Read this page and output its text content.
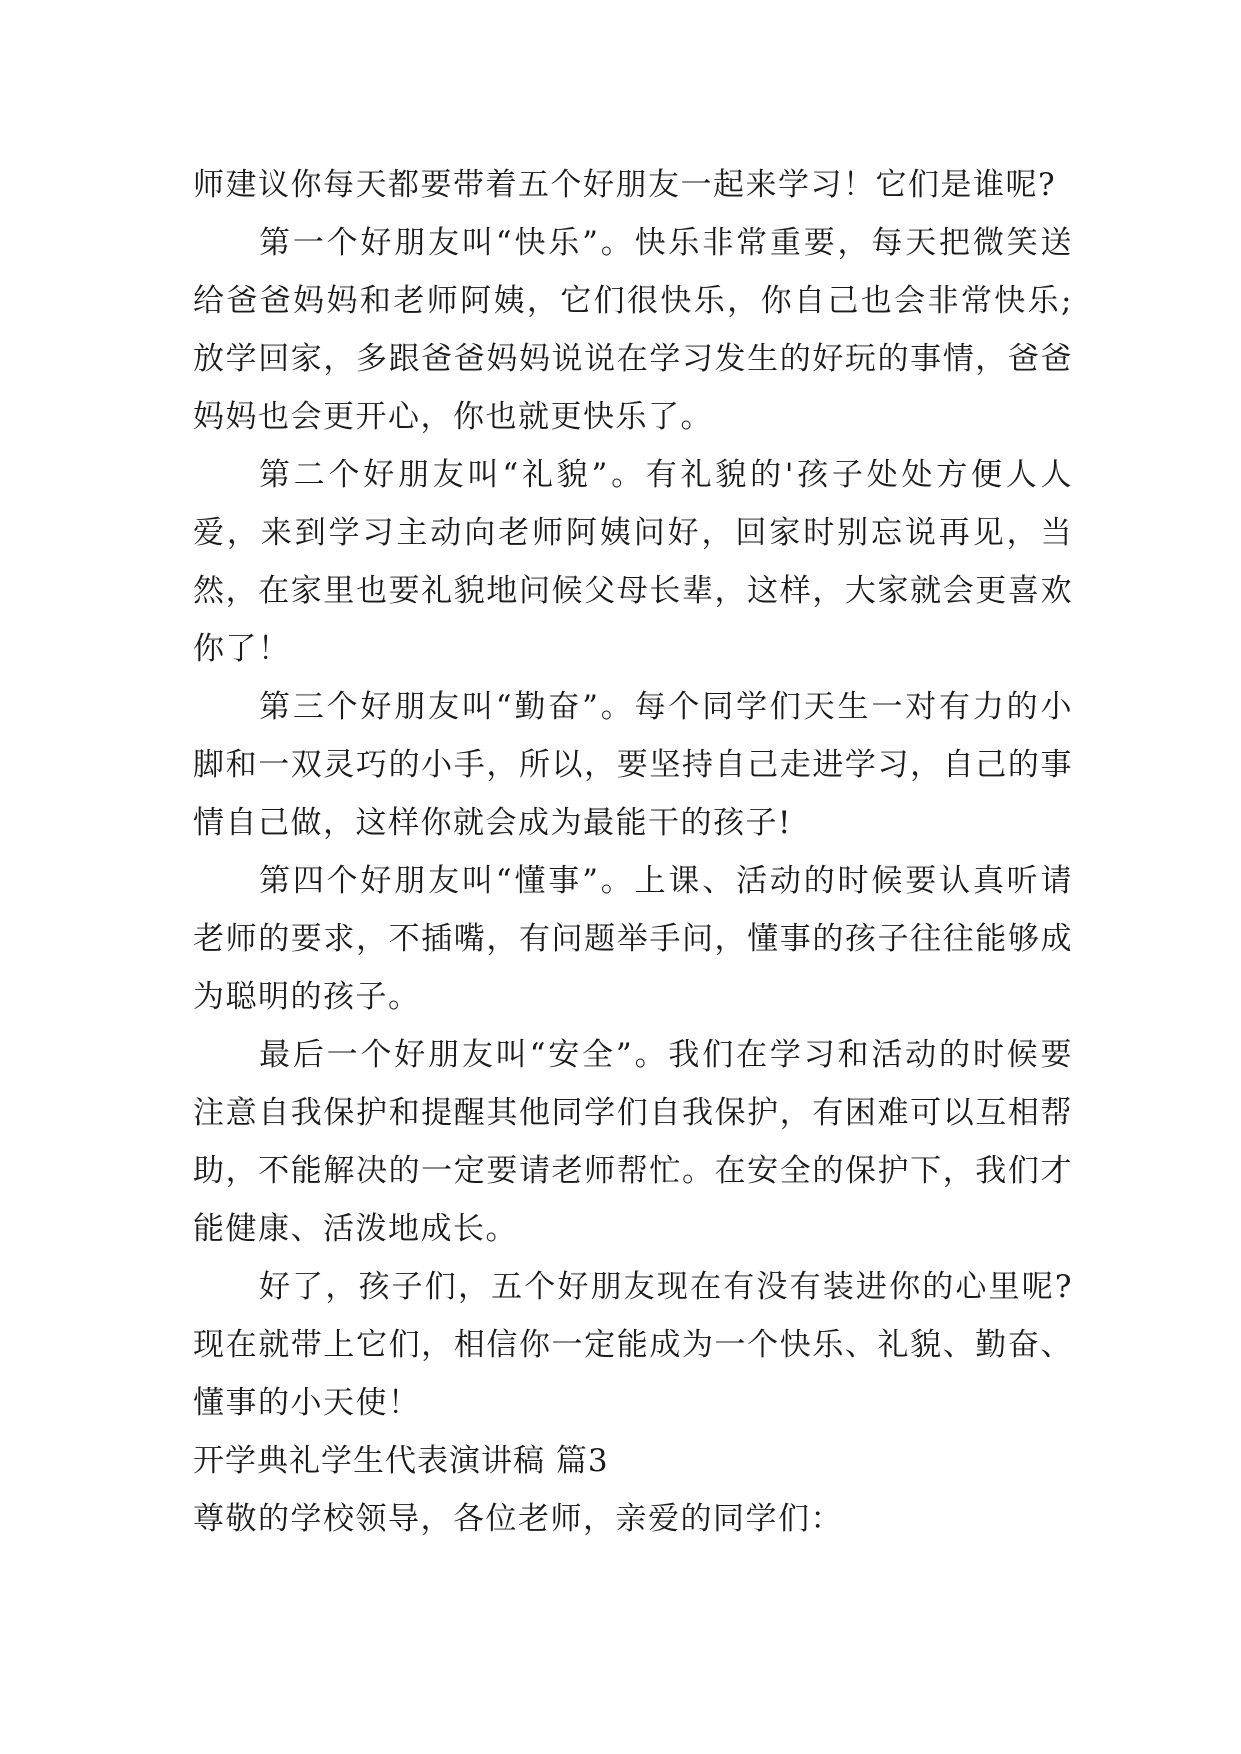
师建议你每天都要带着五个好朋友一起来学习！它们是谁呢?

第一个好朋友叫“快乐”。快乐非常重要，每天把微笑送给爸爸妈妈和老师阿姨，它们很快乐，你自己也会非常快乐;放学回家，多跟爸爸妈妈说说在学习发生的好玩的事情，爸爸妈妈也会更开心，你也就更快乐了。

第二个好朋友叫“礼貌”。有礼貌的'孩子处处方便人人爱，来到学习主动向老师阿姨问好，回家时别忘说再见，当然，在家里也要礼貌地问候父母长辈，这样，大家就会更喜欢你了！

第三个好朋友叫“勤奋”。每个同学们天生一对有力的小脚和一双灵巧的小手，所以，要坚持自己走进学习，自己的事情自己做，这样你就会成为最能干的孩子!

第四个好朋友叫“懂事”。上课、活动的时候要认真听请老师的要求，不插嘴，有问题举手问，懂事的孩子往往能够成为聪明的孩子。

最后一个好朋友叫“安全”。我们在学习和活动的时候要注意自我保护和提醒其他同学们自我保护，有困难可以互相帮助，不能解决的一定要请老师帮忙。在安全的保护下，我们才能健康、活泼地成长。

好了，孩子们，五个好朋友现在有没有装进你的心里呢?现在就带上它们，相信你一定能成为一个快乐、礼貌、勤奋、懂事的小天使！

开学典礼学生代表演讲稿 篇3

尊敬的学校领导，各位老师，亲爱的同学们：
